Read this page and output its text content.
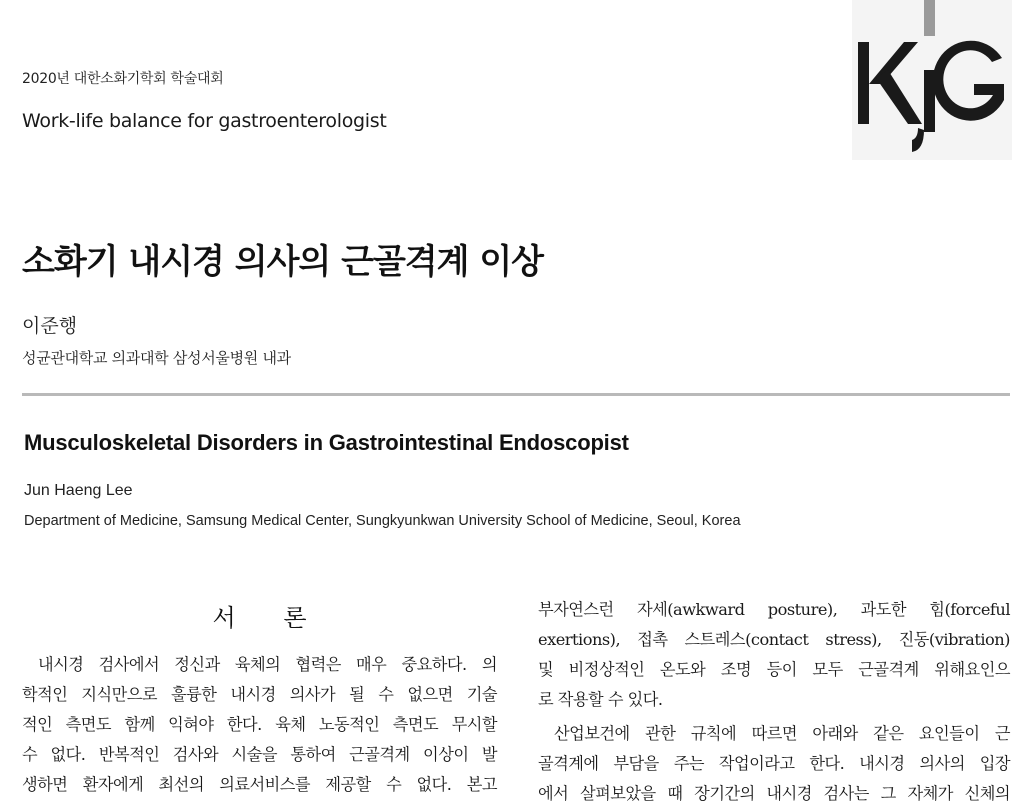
2020년 대한소화기학회 학술대회
Work-life balance for gastroenterologist
소화기 내시경 의사의 근골격계 이상
이준행
성균관대학교 의과대학 삼성서울병원 내과
Musculoskeletal Disorders in Gastrointestinal Endoscopist
Jun Haeng Lee
Department of Medicine, Samsung Medical Center, Sungkyunkwan University School of Medicine, Seoul, Korea
서 론
내시경 검사에서 정신과 육체의 협력은 매우 중요하다. 의
학적인 지식만으로 훌륭한 내시경 의사가 될 수 없으면 기술
적인 측면도 함께 익혀야 한다. 육체 노동적인 측면도 무시할
수 없다. 반복적인 검사와 시술을 통하여 근골격계 이상이 발
생하면 환자에게 최선의 의료서비스를 제공할 수 없다. 본고
부자연스런 자세(awkward posture), 과도한 힘(forceful
exertions), 접촉 스트레스(contact stress), 진동(vibration)
및 비정상적인 온도와 조명 등이 모두 근골격계 위해요인으
로 작용할 수 있다.
산업보건에 관한 규칙에 따르면 아래와 같은 요인들이 근
골격계에 부담을 주는 작업이라고 한다. 내시경 의사의 입장
에서 살펴보았을 때 장기간의 내시경 검사는 그 자체가 신체의
